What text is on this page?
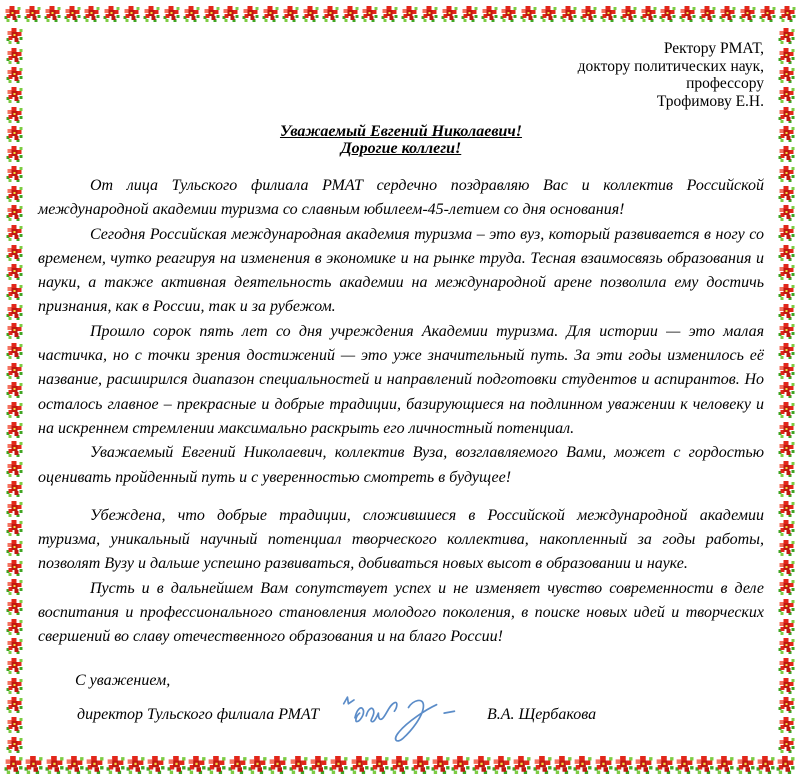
Ректору РМАТ,
доктору политических наук,
профессору
Трофимову Е.Н.
Уважаемый Евгений Николаевич!
Дорогие коллеги!

От лица Тульского филиала РМАТ сердечно поздравляю Вас и коллектив Российской международной академии туризма со славным юбилеем-45-летием со дня основания!

Сегодня Российская международная академия туризма – это вуз, который развивается в ногу со временем, чутко реагируя на изменения в экономике и на рынке труда. Тесная взаимосвязь образования и науки, а также активная деятельность академии на международной арене позволила ему достичь признания, как в России, так и за рубежом.

Прошло сорок пять лет со дня учреждения Академии туризма. Для истории — это малая частичка, но с точки зрения достижений — это уже значительный путь. За эти годы изменилось её название, расширился диапазон специальностей и направлений подготовки студентов и аспирантов. Но осталось главное – прекрасные и добрые традиции, базирующиеся на подлинном уважении к человеку и на искреннем стремлении максимально раскрыть его личностный потенциал.

Уважаемый Евгений Николаевич, коллектив Вуза, возглавляемого Вами, может с гордостью оценивать пройденный путь и с уверенностью смотреть в будущее!

Убеждена, что добрые традиции, сложившиеся в Российской международной академии туризма, уникальный научный потенциал творческого коллектива, накопленный за годы работы, позволят Вузу и дальше успешно развиваться, добиваться новых высот в образовании и науке.

Пусть и в дальнейшем Вам сопутствует успех и не изменяет чувство современности в деле воспитания и профессионального становления молодого поколения, в поиске новых идей и творческих свершений во славу отечественного образования и на благо России!

С уважением,
директор Тульского филиала РМАТ	В.А. Щербакова
